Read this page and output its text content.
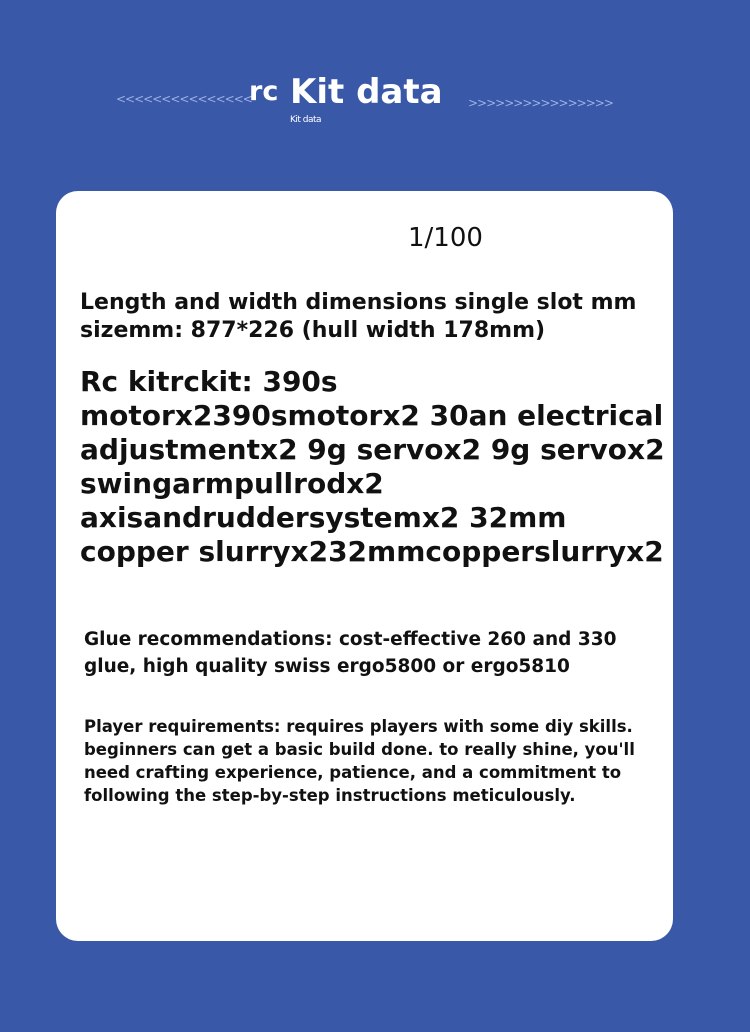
<<<<<<<<<<<<<<<
rc Kit data >>>>>>>>>>>>>>>>
Kit data
1/100
Length and width dimensions single slot mm sizemm: 877*226 (hull width 178mm)
Rc kitrckit: 390s motorx2390smotorx2 30an electrical adjustmentx2 9g servox2 9g servox2 swingarmpullrodx2 axisandruddersystemx2 32mm copper slurryx232mmcopperslurryx2
Glue recommendations: cost-effective 260 and 330 glue, high quality swiss ergo5800 or ergo5810
Player requirements: requires players with some diy skills. beginners can get a basic build done. to really shine, you'll need crafting experience, patience, and a commitment to following the step-by-step instructions meticulously.
